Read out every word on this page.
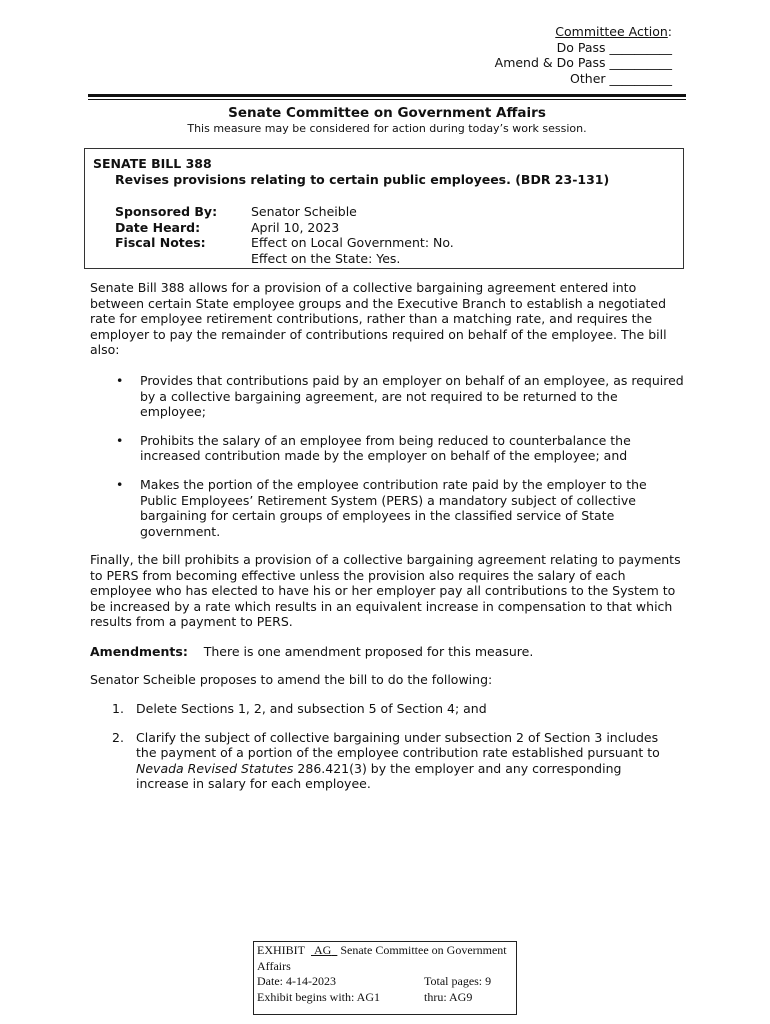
Committee Action:
Do Pass __________
Amend & Do Pass __________
Other __________
Senate Committee on Government Affairs
This measure may be considered for action during today’s work session.
SENATE BILL 388
Revises provisions relating to certain public employees. (BDR 23-131)
Sponsored By:	Senator Scheible
Date Heard:	April 10, 2023
Fiscal Notes:	Effect on Local Government: No.
Effect on the State: Yes.
Senate Bill 388 allows for a provision of a collective bargaining agreement entered into between certain State employee groups and the Executive Branch to establish a negotiated rate for employee retirement contributions, rather than a matching rate, and requires the employer to pay the remainder of contributions required on behalf of the employee. The bill also:
• Provides that contributions paid by an employer on behalf of an employee, as required by a collective bargaining agreement, are not required to be returned to the employee;
• Prohibits the salary of an employee from being reduced to counterbalance the increased contribution made by the employer on behalf of the employee; and
• Makes the portion of the employee contribution rate paid by the employer to the Public Employees’ Retirement System (PERS) a mandatory subject of collective bargaining for certain groups of employees in the classified service of State government.
Finally, the bill prohibits a provision of a collective bargaining agreement relating to payments to PERS from becoming effective unless the provision also requires the salary of each employee who has elected to have his or her employer pay all contributions to the System to be increased by a rate which results in an equivalent increase in compensation to that which results from a payment to PERS.
Amendments: There is one amendment proposed for this measure.
Senator Scheible proposes to amend the bill to do the following:
1. Delete Sections 1, 2, and subsection 5 of Section 4; and
2. Clarify the subject of collective bargaining under subsection 2 of Section 3 includes the payment of a portion of the employee contribution rate established pursuant to Nevada Revised Statutes 286.421(3) by the employer and any corresponding increase in salary for each employee.
EXHIBIT AG Senate Committee on Government
Affairs
Date: 4-14-2023	Total pages: 9
Exhibit begins with: AG1	thru: AG9
